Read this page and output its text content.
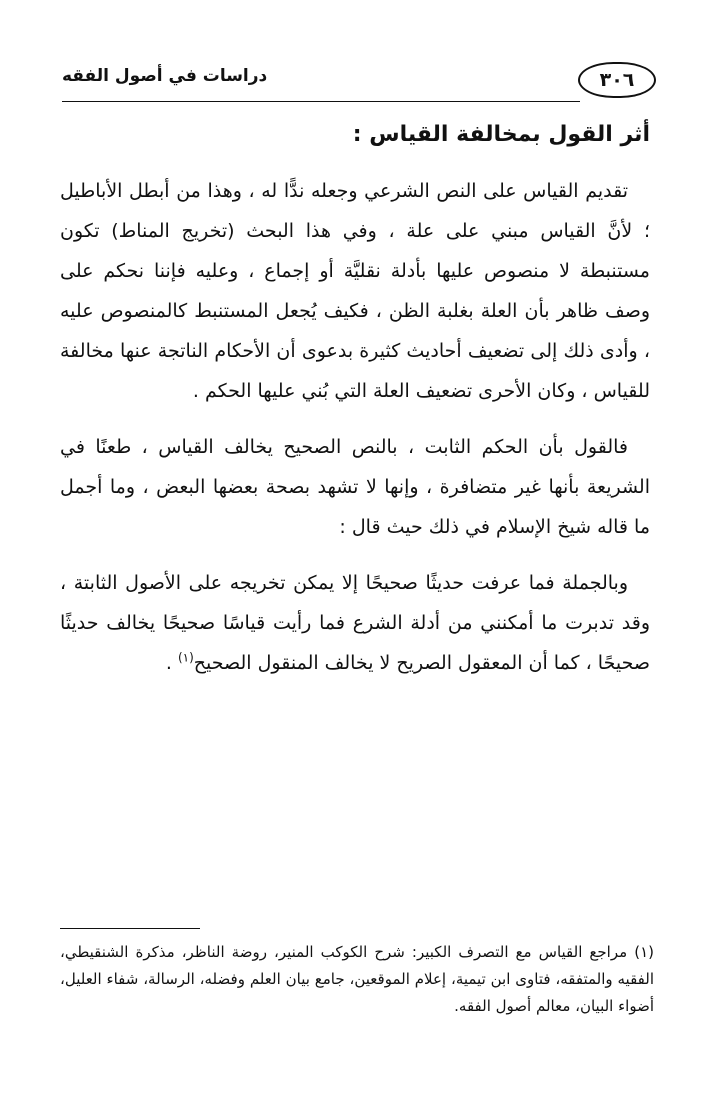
٣٠٦
دراسات في أصول الفقه
أثر القول بمخالفة القياس :

تقديم القياس على النص الشرعي وجعله ندًّا له ، وهذا من أبطل الأباطيل ؛ لأنَّ القياس مبني على علة ، وفي هذا البحث (تخريج المناط) تكون مستنبطة لا منصوص عليها بأدلة نقليَّة أو إجماع ، وعليه فإننا نحكم على وصف ظاهر بأن العلة بغلبة الظن ، فكيف يُجعل المستنبط كالمنصوص عليه ، وأدى ذلك إلى تضعيف أحاديث كثيرة بدعوى أن الأحكام الناتجة عنها مخالفة للقياس ، وكان الأحرى تضعيف العلة التي بُني عليها الحكم .

فالقول بأن الحكم الثابت ، بالنص الصحيح يخالف القياس ، طعنًا في الشريعة بأنها غير متضافرة ، وإنها لا تشهد بصحة بعضها البعض ، وما أجمل ما قاله شيخ الإسلام في ذلك حيث قال :

وبالجملة فما عرفت حديثًا صحيحًا إلا يمكن تخريجه على الأصول الثابتة ، وقد تدبرت ما أمكنني من أدلة الشرع فما رأيت قياسًا صحيحًا يخالف حديثًا صحيحًا ، كما أن المعقول الصريح لا يخالف المنقول الصحيح$^{(١)}$ .

(١) مراجع القياس مع التصرف الكبير: شرح الكوكب المنير، روضة الناظر، مذكرة الشنقيطي، الفقيه والمتفقه، فتاوى ابن تيمية، إعلام الموقعين، جامع بيان العلم وفضله، الرسالة، شفاء العليل، أضواء البيان، معالم أصول الفقه.
